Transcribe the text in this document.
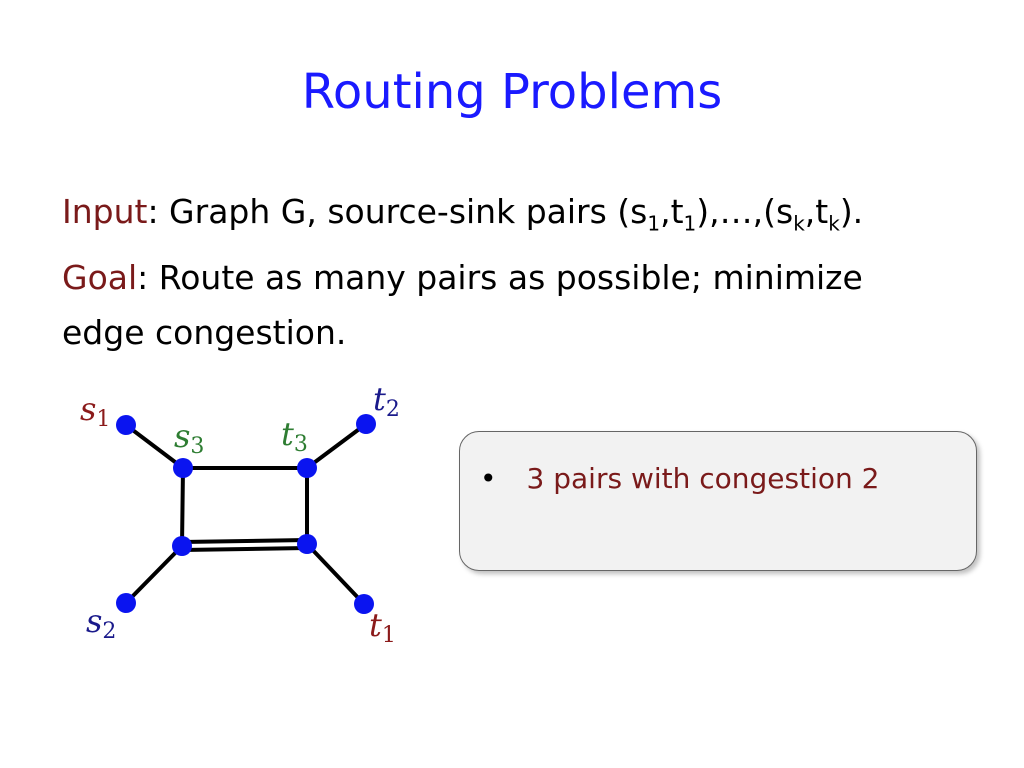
Routing Problems
Input: Graph G, source-sink pairs $(s_1,t_1),\dots,(s_k,t_k)$.
Goal: Route as many pairs as possible; minimize
edge congestion.
s1 s3 t3
t2
s2	t1
• 3 pairs with congestion 2
